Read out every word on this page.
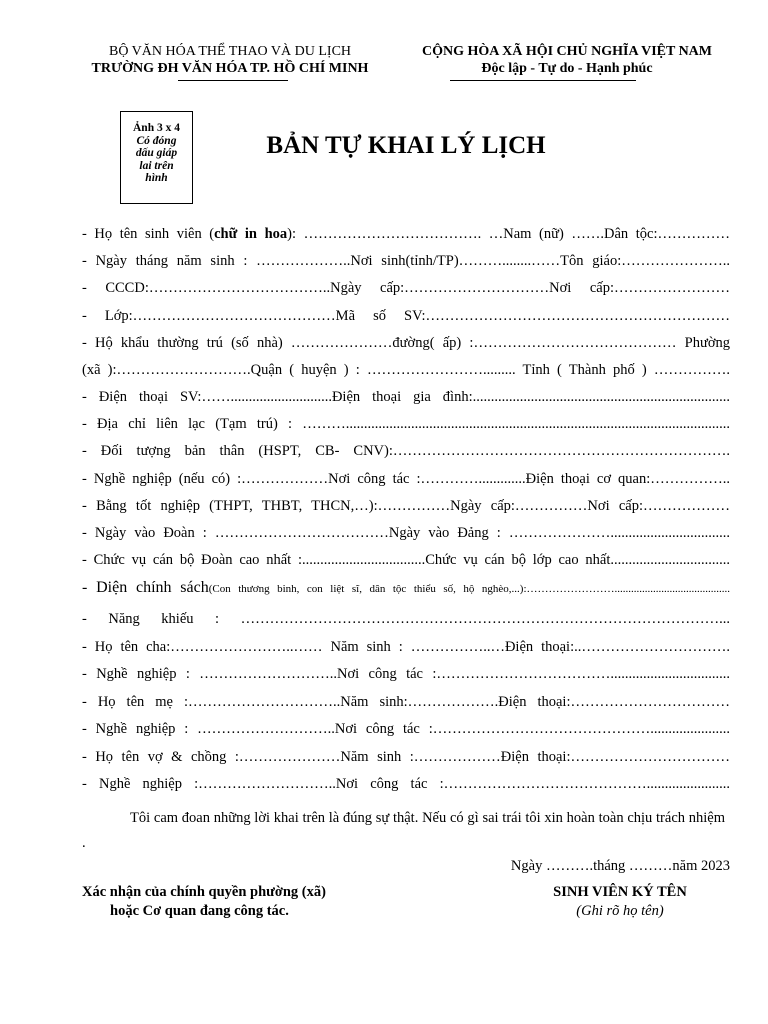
BỘ VĂN HÓA THỂ THAO VÀ DU LỊCH
TRƯỜNG ĐH VĂN HÓA TP. HỒ CHÍ MINH
CỘNG HÒA XÃ HỘI CHỦ NGHĨA VIỆT NAM
Độc lập - Tự do - Hạnh phúc
Ảnh 3 x 4
Có đóng
dấu giáp
lai trên
hình
BẢN TỰ KHAI LÝ LỊCH
- Họ tên sinh viên (chữ in hoa): ………………………………. …Nam (nữ) …….Dân tộc:……………
- Ngày tháng năm sinh : ………………..Nơi sinh(tỉnh/TP)………........……Tôn giáo:…………………..
- CCCD:………………………………..Ngày cấp:…………………………Nơi cấp:……………………
- Lớp:……………………………………Mã số SV:………………………………………………………
- Hộ khẩu thường trú (số nhà) …………………đường( ấp) :…………………………………… Phường
(xã ):……………………….Quận ( huyện ) : ……………………......... Tỉnh ( Thành phố ) …………….
- Điện thoại SV:……............................Điện thoại gia đình:.......................................................................
- Địa chỉ liên lạc (Tạm trú) : ………..........................................................................................................
- Đối tượng bản thân (HSPT, CB- CNV):…………………………………………………………….
- Nghề nghiệp (nếu có) :………………Nơi công tác :………….............Điện thoại cơ quan:……………..
- Bằng tốt nghiệp (THPT, THBT, THCN,…):……………Ngày cấp:……………Nơi cấp:………………
- Ngày vào Đoàn : ………………………………Ngày vào Đảng : ………………….................................
- Chức vụ cán bộ Đoàn cao nhất :..................................Chức vụ cán bộ lớp cao nhất.................................
- Diện chính sách(Con thương binh, con liệt sĩ, dân tộc thiểu số, hộ nghèo,...):……………………..........................................
- Năng khiếu : ………………………………………………………………………………………...
- Họ tên cha:……………………..…… Năm sinh : ……………..…Điện thoại:..………………………….
- Nghề nghiệp : ………………………..Nơi công tác :……………………………….................................
- Họ tên mẹ :…………………………..Năm sinh:……………….Điện thoại:……………………………
- Nghề nghiệp : ………………………..Nơi công tác :………………………………………......................
- Họ tên vợ & chồng :…………………Năm sinh :………………Điện thoại:……………………………
- Nghề nghiệp :………………………..Nơi công tác :…………………………………….......................
Tôi cam đoan những lời khai trên là đúng sự thật. Nếu có gì sai trái tôi xin hoàn toàn chịu trách nhiệm .
Ngày ……….tháng ………năm 2023
Xác nhận của chính quyền phường (xã)
hoặc Cơ quan đang công tác.
SINH VIÊN KÝ TÊN
(Ghi rõ họ tên)
